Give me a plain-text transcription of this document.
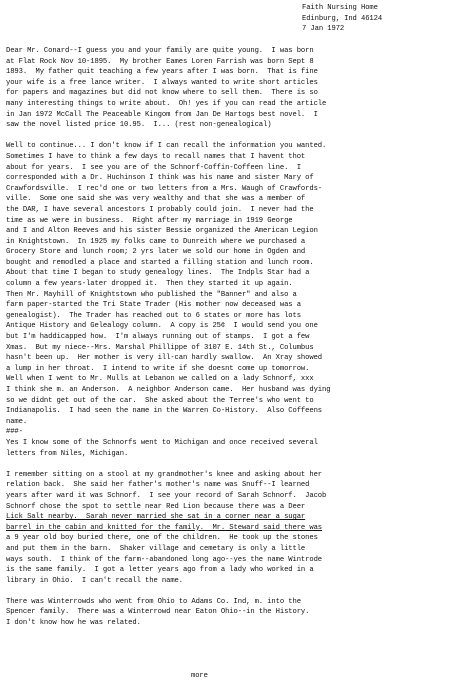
Faith Nursing Home
Edinburg, Ind 46124
7 Jan 1972
Dear Mr. Conard--I guess you and your family are quite young.  I was born
at Flat Rock Nov 10-1895.  My brother Eames Loren Farrish was born Sept 8
1893.  My father quit teaching a few years after I was born.  That is fine
your wife is a free lance writer.  I always wanted to write short articles
for papers and magazines but did not know where to sell them.  There is so
many interesting things to write about.  Oh! yes if you can read the article
in Jan 1972 McCall The Peaceable Kingom from Jan De Hartogs best novel.  I
saw the novel listed price 10.95.  I... (rest non-genealogical)
Well to continue... I don't know if I can recall the information you wanted.
Sometimes I have to think a few days to recall names that I havent thot
about for years.  I see you are of the Schnorf-Coffin-Coffeen line.  I
corresponded with a Dr. Huchinson I think was his name and sister Mary of
Crawfordsville.  I rec'd one or two letters from a Mrs. Waugh of Crawfords-
ville.  Some one said she was very wealthy and that she was a member of
the DAR, I have several ancestors I probably could join.  I never had the
time as we were in business.  Right after my marriage in 1919 George
and I and Alton Reeves and his sister Bessie organized the American Legion
in Knightstown.  In 1925 my folks came to Dunreith where we purchased a
Grocery Store and lunch room; 2 yrs later we sold our home in Ogden and
bought and remodled a place and started a filling station and lunch room.
About that time I began to study genealogy lines.  The Indpls Star had a
column a few years-later dropped it.  Then they started it up again.
Then Mr. Mayhill of Knightstown who published the "Banner" and also a
farm paper-started the Tri State Trader (His mother now deceased was a
genealogist).  The Trader has reached out to 6 states or more has lots
Antique History and Gelealogy column.  A copy is 25¢  I would send you one
but I'm haddicapped how.  I'm always running out of stamps.  I got a few
Xmas.  But my niece--Mrs. Marshal Phillippe of 3107 E. 14th St., Columbus
hasn't been up.  Her mother is very ill-can hardly swallow.  An Xray showed
a lump in her throat.  I intend to write if she doesnt come up tomorrow.
Well when I went to Mr. Mulls at Lebanon we called on a lady Schnorf, xxx
I think she m. an Anderson.  A neighbor Anderson came.  Her husband was dying
so we didnt get out of the car.  She asked about the Terree's who went to
Indianapolis.  I had seen the name in the Warren Co-History.  Also Coffeens
name.
###-
Yes I know some of the Schnorfs went to Michigan and once received several
letters from Niles, Michigan.
I remember sitting on a stool at my grandmother's knee and asking about her
relation back.  She said her father's mother's name was Snuff--I learned
years after ward it was Schnorf.  I see your record of Sarah Schnorf.  Jacob
Schnorf chose the spot to settle near Red Lion because there was a Deer
Lick Salt nearby.  Sarah never married she sat in a corner near a sugar
barrel in the cabin and knitted for the family.  Mr. Steward said there was
a 9 year old boy buried there, one of the children.  He took up the stones
and put them in the barn.  Shaker village and cemetary is only a little
ways south.  I think of the farm--abandoned long ago--yes the name Wintrode
is the same family.  I got a letter years ago from a lady who worked in a
library in Ohio.  I can't recall the name.
There was Winterrowds who went from Ohio to Adams Co. Ind, m. into the
Spencer family.  There was a Winterrowd near Eaton Ohio--in the History.
I don't know how he was related.
more
